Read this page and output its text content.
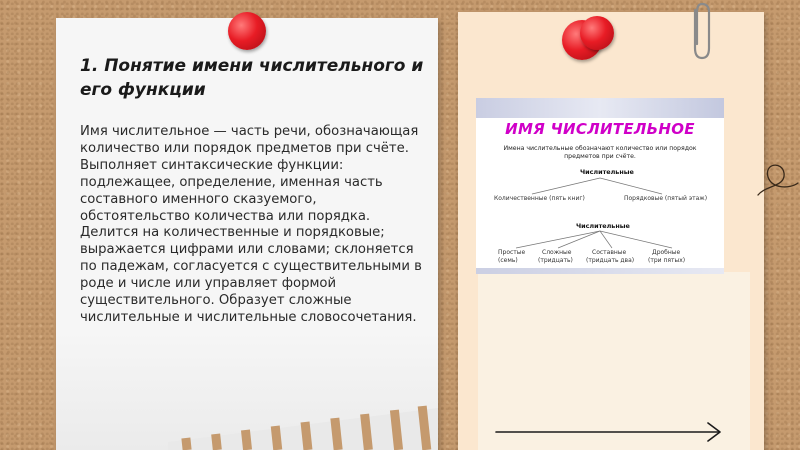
1. Понятие имени числительного и его функции

Имя числительное — часть речи, обозначающая количество или порядок предметов при счёте. Выполняет синтаксические функции: подлежащее, определение, именная часть составного именного сказуемого, обстоятельство количества или порядка. Делится на количественные и порядковые; выражается цифрами или словами; склоняется по падежам, согласуется с существительными в роде и числе или управляет формой существительного. Образует сложные числительные и числительные словосочетания.

ИМЯ ЧИСЛИТЕЛЬНОЕ
Имена числительные обозначают количество или порядок предметов при счёте.
Числительные
Количественные (пять книг)	Порядковые (пятый этаж)
Числительные
Простые
(семь)
Сложные
(тридцать)
Составные
(тридцать два)
Дробные
(три пятых)
